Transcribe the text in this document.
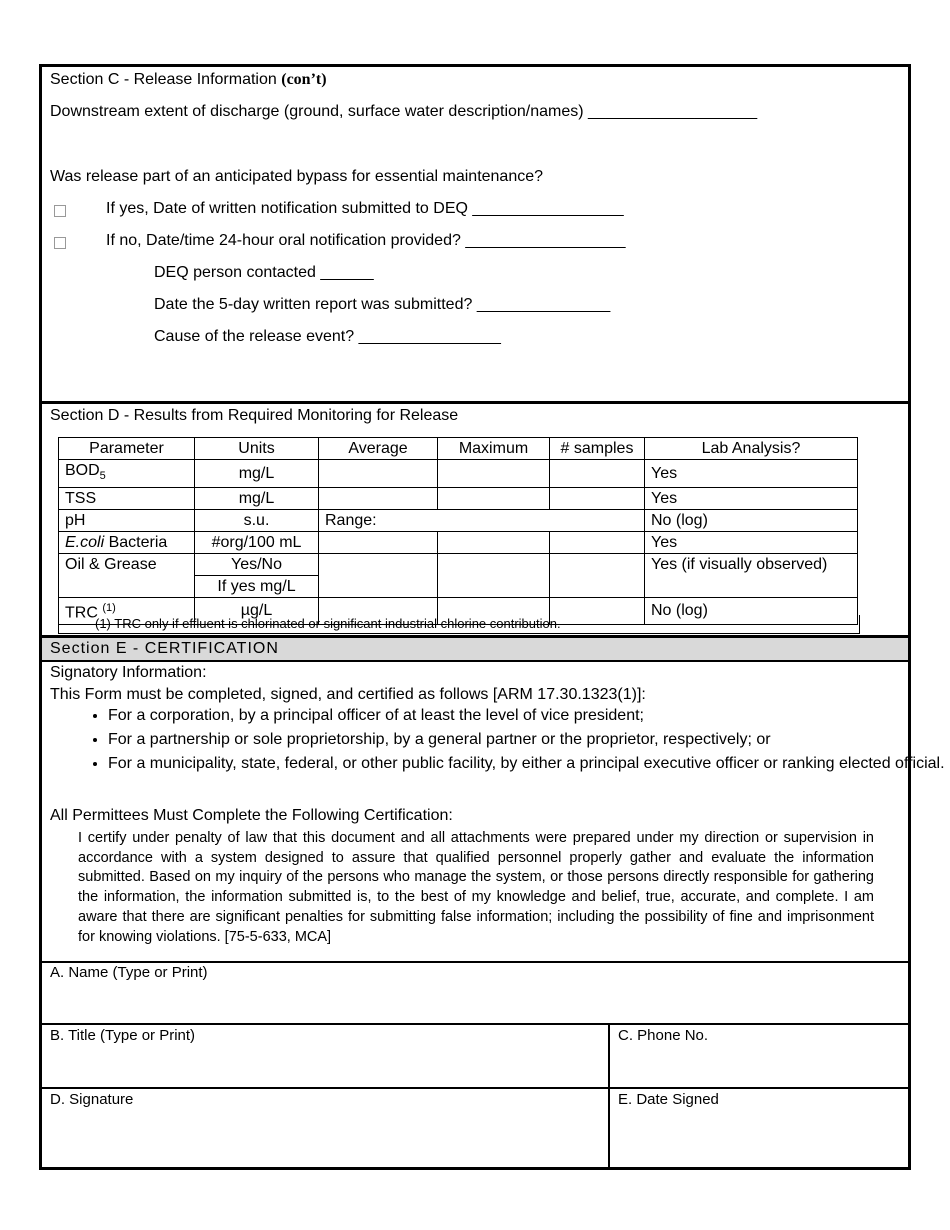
Section C - Release Information (con’t)
Downstream extent of discharge (ground, surface water description/names) ___________________
Was release part of an anticipated bypass for essential maintenance?
If yes, Date of written notification submitted to DEQ _________________
If no, Date/time 24-hour oral notification provided? __________________
DEQ person contacted ______
Date the 5-day written report was submitted? _______________
Cause of the release event? ________________
Section D - Results from Required Monitoring for Release
Parameter	Units	Average	Maximum	# samples	Lab Analysis?
$BOD_5$	mg/L				Yes
TSS	mg/L				Yes
pH	s.u.	Range:			No (log)
E.coli Bacteria	#org/100 mL				Yes
Oil & Grease	Yes/No				Yes (if visually observed)
	If yes mg/L				
TRC $^{(1)}$	µg/L				No (log)
(1) TRC only if effluent is chlorinated or significant industrial chlorine contribution.
Section E - CERTIFICATION
Signatory Information:
This Form must be completed, signed, and certified as follows [ARM 17.30.1323(1)]:
• For a corporation, by a principal officer of at least the level of vice president;
• For a partnership or sole proprietorship, by a general partner or the proprietor, respectively; or
• For a municipality, state, federal, or other public facility, by either a principal executive officer or ranking elected official.
All Permittees Must Complete the Following Certification:
I certify under penalty of law that this document and all attachments were prepared under my direction or supervision in accordance with a system designed to assure that qualified personnel properly gather and evaluate the information submitted. Based on my inquiry of the persons who manage the system, or those persons directly responsible for gathering the information, the information submitted is, to the best of my knowledge and belief, true, accurate, and complete. I am aware that there are significant penalties for submitting false information; including the possibility of fine and imprisonment for knowing violations. [75-5-633, MCA]
A. Name (Type or Print)
B. Title (Type or Print)	C. Phone No.
D. Signature	E. Date Signed
